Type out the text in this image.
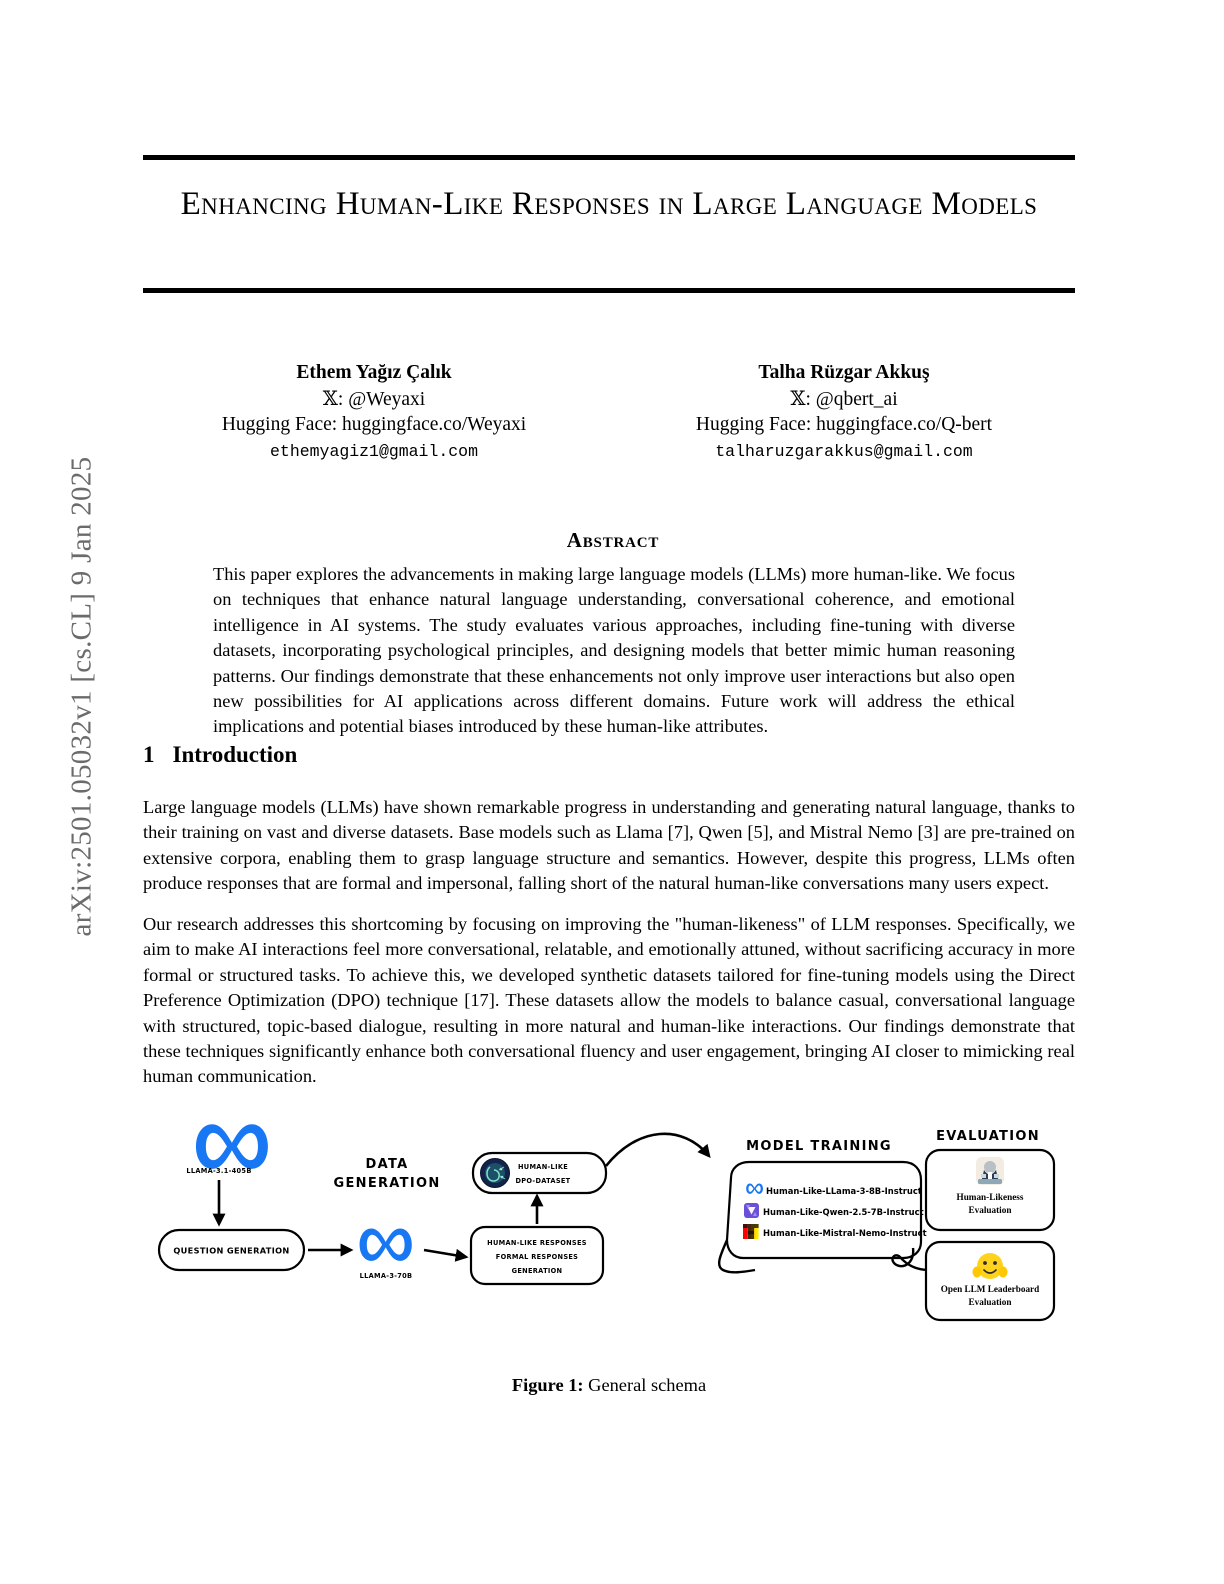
arXiv:2501.05032v1 [cs.CL] 9 Jan 2025
Enhancing Human-Like Responses in Large Language Models
Ethem Yağız Çalık
𝕏: @Weyaxi
Hugging Face: huggingface.co/Weyaxi
ethemyagiz1@gmail.com
Talha Rüzgar Akkuş
𝕏: @qbert_ai
Hugging Face: huggingface.co/Q-bert
talharuzgarakkus@gmail.com
Abstract
This paper explores the advancements in making large language models (LLMs) more human-like. We focus on techniques that enhance natural language understanding, conversational coherence, and emotional intelligence in AI systems. The study evaluates various approaches, including fine-tuning with diverse datasets, incorporating psychological principles, and designing models that better mimic human reasoning patterns. Our findings demonstrate that these enhancements not only improve user interactions but also open new possibilities for AI applications across different domains. Future work will address the ethical implications and potential biases introduced by these human-like attributes.
1 Introduction
Large language models (LLMs) have shown remarkable progress in understanding and generating natural language, thanks to their training on vast and diverse datasets. Base models such as Llama [7], Qwen [5], and Mistral Nemo [3] are pre-trained on extensive corpora, enabling them to grasp language structure and semantics. However, despite this progress, LLMs often produce responses that are formal and impersonal, falling short of the natural human-like conversations many users expect.
Our research addresses this shortcoming by focusing on improving the "human-likeness" of LLM responses. Specifically, we aim to make AI interactions feel more conversational, relatable, and emotionally attuned, without sacrificing accuracy in more formal or structured tasks. To achieve this, we developed synthetic datasets tailored for fine-tuning models using the Direct Preference Optimization (DPO) technique [17]. These datasets allow the models to balance casual, conversational language with structured, topic-based dialogue, resulting in more natural and human-like interactions. Our findings demonstrate that these techniques significantly enhance both conversational fluency and user engagement, bringing AI closer to mimicking real human communication.
LLAMA-3.1-405B
QUESTION GENERATION
DATA
GENERATION
LLAMA-3-70B
HUMAN-LIKE RESPONSES
FORMAL RESPONSES
GENERATION
HUMAN-LIKE
DPO-DATASET
MODEL TRAINING
Human-Like-LLama-3-8B-Instruct
Human-Like-Qwen-2.5-7B-Instruct
Human-Like-Mistral-Nemo-Instruct
EVALUATION
Human-Likeness
Evaluation
Open LLM Leaderboard
Evaluation
Figure 1: General schema
